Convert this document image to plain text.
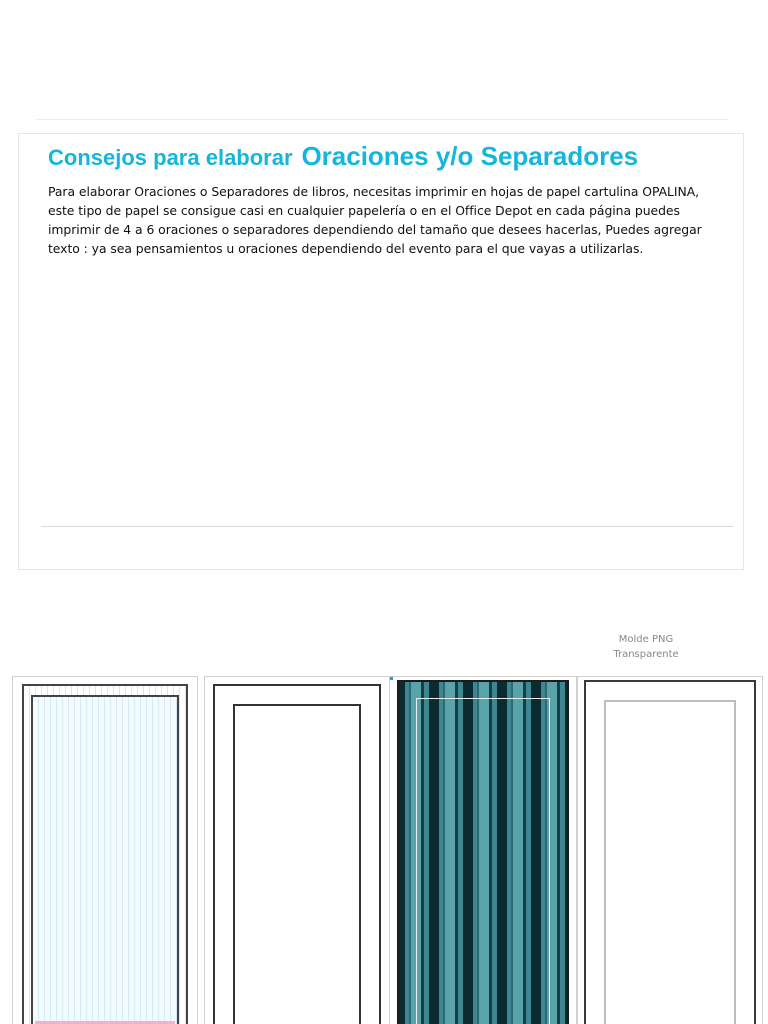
Consejos para elaborar Oraciones y/o Separadores

Para elaborar Oraciones o Separadores de libros, necesitas imprimir en hojas de papel cartulina OPALINA, este tipo de papel se consigue casi en cualquier papelería o en el Office Depot en cada página puedes imprimir de 4 a 6 oraciones o separadores dependiendo del tamaño que desees hacerlas, Puedes agregar texto : ya sea pensamientos u oraciones dependiendo del evento para el que vayas a utilizarlas.

Molde PNG
Transparente
